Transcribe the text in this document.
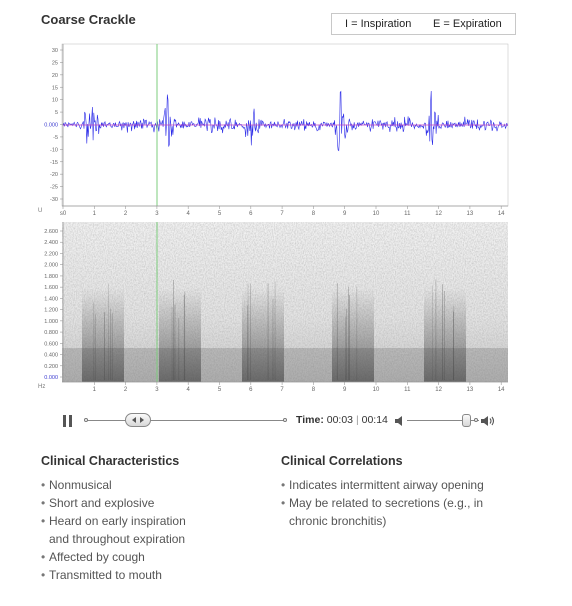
Coarse Crackle	I = Inspiration E = Expiration
30
25
20
15
10
5
0.000
-5
-10
-15
-20
-25
-30
s0	1	2	3	4	5	6	7	8	9	10	11	12	13	14
U
2.600
2.400
2.200
2.000
1.800
1.600
1.400
1.200
1.000
0.800
0.600
0.400
0.200
0.000
1	2	3	4	5	6	7	8	9	10	11	12	13	14
Hz
Time: 00:03 | 00:14
Clinical Characteristics
• Nonmusical
• Short and explosive
• Heard on early inspiration
and throughout expiration
• Affected by cough
• Transmitted to mouth
Clinical Correlations
• Indicates intermittent airway opening
• May be related to secretions (e.g., in
chronic bronchitis)
